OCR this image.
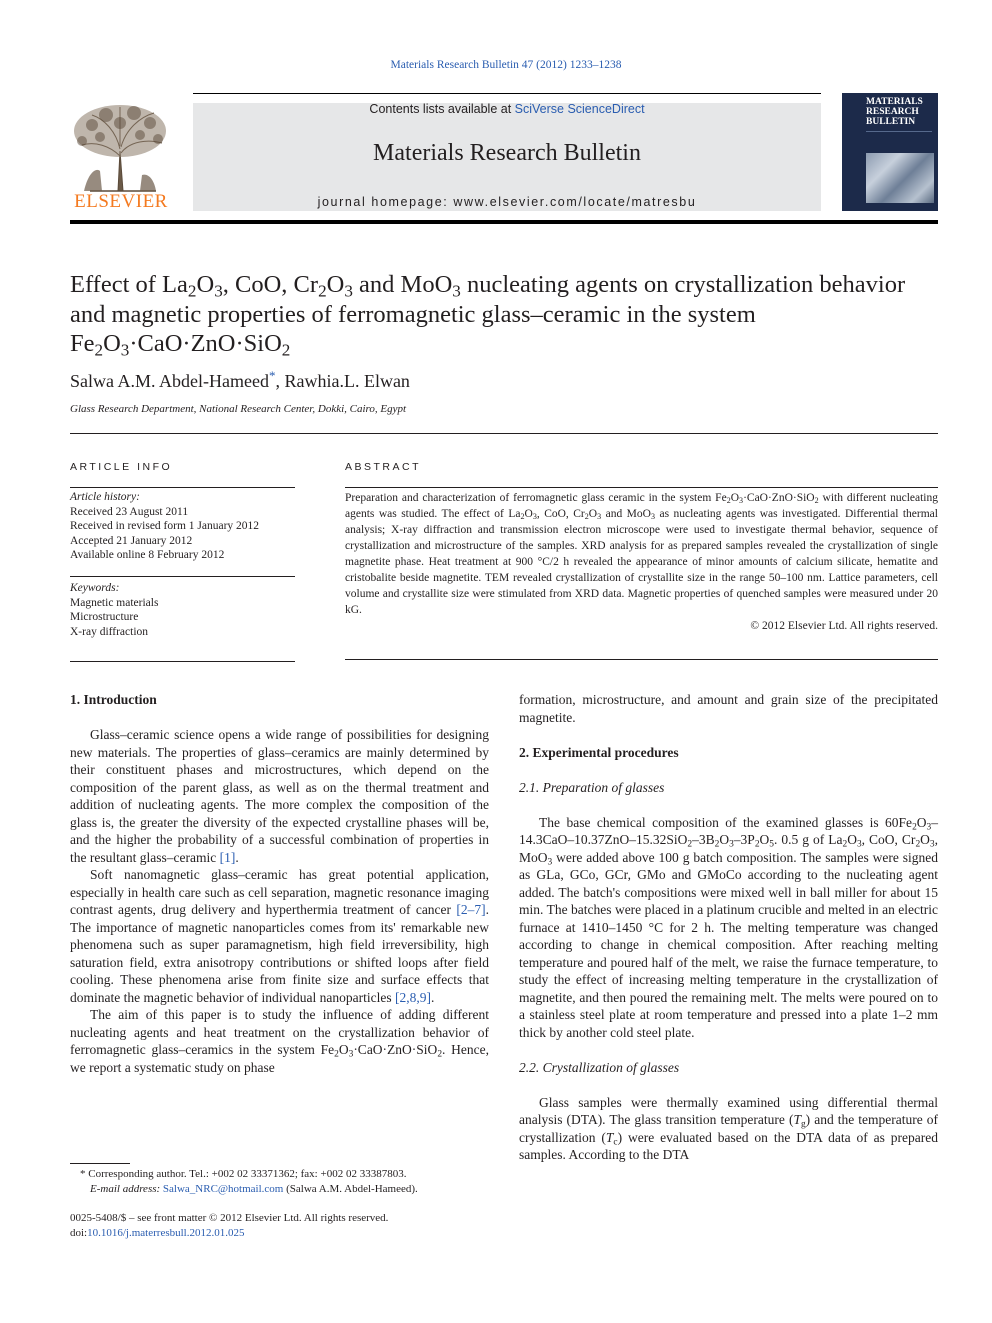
Materials Research Bulletin 47 (2012) 1233–1238
ELSEVIER
Contents lists available at SciVerse ScienceDirect
Materials Research Bulletin
journal homepage: www.elsevier.com/locate/matresbu
MATERIALS
RESEARCH
BULLETIN
Effect of $La_2O_3$, CoO, $Cr_2O_3$ and MoO$_3$ nucleating agents on crystallization behavior and magnetic properties of ferromagnetic glass–ceramic in the system $Fe_2O_3\cdot CaO\cdot ZnO\cdot SiO_2$
Salwa A.M. Abdel-Hameed*, Rawhia.L. Elwan
Glass Research Department, National Research Center, Dokki, Cairo, Egypt
ARTICLE INFO
Article history:
Received 23 August 2011
Received in revised form 1 January 2012
Accepted 21 January 2012
Available online 8 February 2012
Keywords:
Magnetic materials
Microstructure
X-ray diffraction
ABSTRACT
Preparation and characterization of ferromagnetic glass ceramic in the system $Fe_2O_3\cdot CaO\cdot ZnO\cdot SiO_2$ with different nucleating agents was studied. The effect of $La_2O_3$, CoO, $Cr_2O_3$ and MoO$_3$ as nucleating agents was investigated. Differential thermal analysis; X-ray diffraction and transmission electron microscope were used to investigate thermal behavior, sequence of crystallization and microstructure of the samples. XRD analysis for as prepared samples revealed the crystallization of single magnetite phase. Heat treatment at 900 °C/2 h revealed the appearance of minor amounts of calcium silicate, hematite and cristobalite beside magnetite. TEM revealed crystallization of crystallite size in the range 50–100 nm. Lattice parameters, cell volume and crystallite size were stimulated from XRD data. Magnetic properties of quenched samples were measured under 20 kG.
© 2012 Elsevier Ltd. All rights reserved.
1. Introduction

Glass–ceramic science opens a wide range of possibilities for designing new materials. The properties of glass–ceramics are mainly determined by their constituent phases and microstructures, which depend on the composition of the parent glass, as well as on the thermal treatment and addition of nucleating agents. The more complex the composition of the glass is, the greater the diversity of the expected crystalline phases will be, and the higher the probability of a successful combination of properties in the resultant glass–ceramic [1].

Soft nanomagnetic glass–ceramic has great potential application, especially in health care such as cell separation, magnetic resonance imaging contrast agents, drug delivery and hyperthermia treatment of cancer [2–7]. The importance of magnetic nanoparticles comes from its' remarkable new phenomena such as super paramagnetism, high field irreversibility, high saturation field, extra anisotropy contributions or shifted loops after field cooling. These phenomena arise from finite size and surface effects that dominate the magnetic behavior of individual nanoparticles [2,8,9].

The aim of this paper is to study the influence of adding different nucleating agents and heat treatment on the crystallization behavior of ferromagnetic glass–ceramics in the system $Fe_2O_3\cdot CaO\cdot ZnO\cdot SiO_2$. Hence, we report a systematic study on phase

formation, microstructure, and amount and grain size of the precipitated magnetite.

2. Experimental procedures
2.1. Preparation of glasses

The base chemical composition of the examined glasses is $60Fe_2O_3-14.3CaO-10.37ZnO-15.32SiO_2-3B_2O_3-3P_2O_5$. 0.5 g of $La_2O_3$, CoO, $Cr_2O_3$, MoO$_3$ were added above 100 g batch composition. The samples were signed as GLa, GCo, GCr, GMo and GMoCo according to the nucleating agent added. The batch's compositions were mixed well in ball miller for about 15 min. The batches were placed in a platinum crucible and melted in an electric furnace at 1410–1450 °C for 2 h. The melting temperature was changed according to change in chemical composition. After reaching melting temperature and poured half of the melt, we raise the furnace temperature, to study the effect of increasing melting temperature in the crystallization of magnetite, and then poured the remaining melt. The melts were poured on to a stainless steel plate at room temperature and pressed into a plate 1–2 mm thick by another cold steel plate.

2.2. Crystallization of glasses

Glass samples were thermally examined using differential thermal analysis (DTA). The glass transition temperature $(T_g)$ and the temperature of crystallization $(T_c)$ were evaluated based on the DTA data of as prepared samples. According to the DTA

* Corresponding author. Tel.: +002 02 33371362; fax: +002 02 33387803.
E-mail address: Salwa_NRC@hotmail.com (Salwa A.M. Abdel-Hameed).
0025-5408/$ – see front matter © 2012 Elsevier Ltd. All rights reserved.
doi:10.1016/j.materresbull.2012.01.025
